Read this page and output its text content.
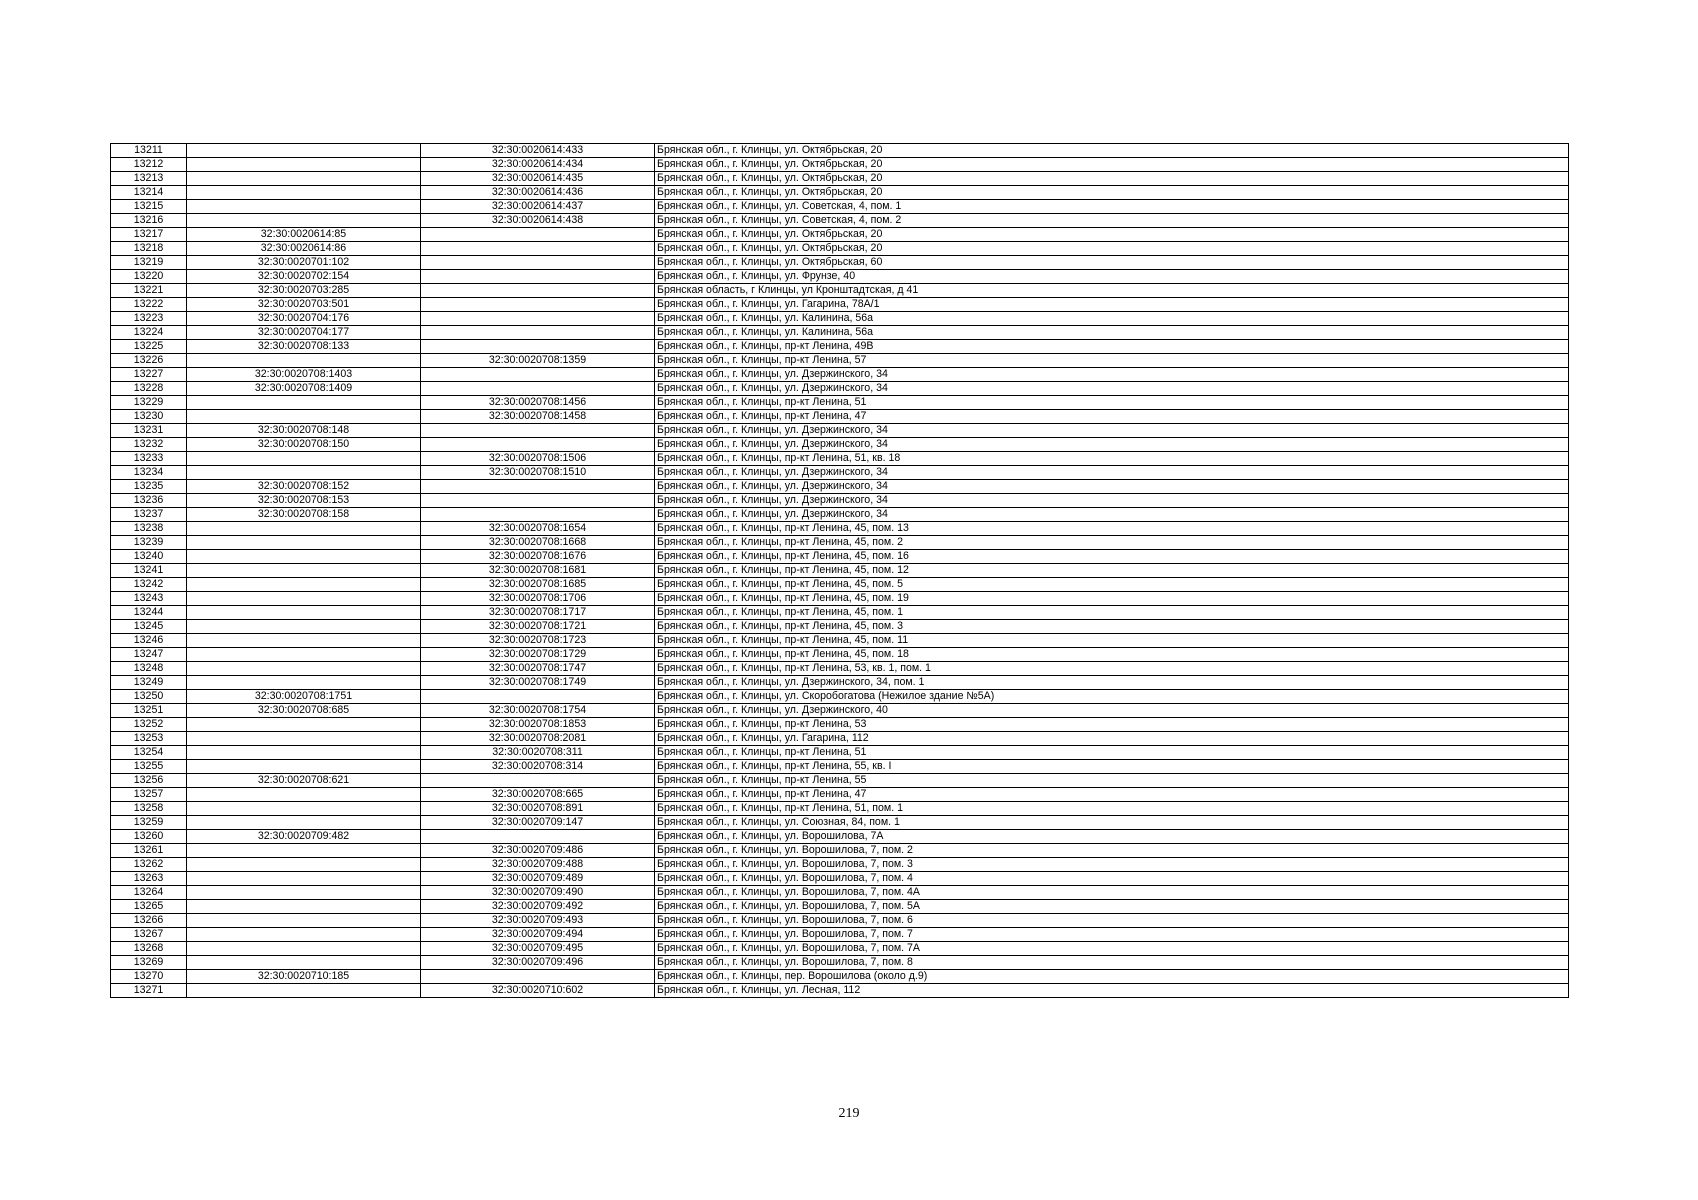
13211		32:30:0020614:433	Брянская обл., г. Клинцы, ул. Октябрьская, 20
13212		32:30:0020614:434	Брянская обл., г. Клинцы, ул. Октябрьская, 20
13213		32:30:0020614:435	Брянская обл., г. Клинцы, ул. Октябрьская, 20
13214		32:30:0020614:436	Брянская обл., г. Клинцы, ул. Октябрьская, 20
13215		32:30:0020614:437	Брянская обл., г. Клинцы, ул. Советская, 4, пом. 1
13216		32:30:0020614:438	Брянская обл., г. Клинцы, ул. Советская, 4, пом. 2
13217	32:30:0020614:85		Брянская обл., г. Клинцы, ул. Октябрьская, 20
13218	32:30:0020614:86		Брянская обл., г. Клинцы, ул. Октябрьская, 20
13219	32:30:0020701:102		Брянская обл., г. Клинцы, ул. Октябрьская, 60
13220	32:30:0020702:154		Брянская обл., г. Клинцы, ул. Фрунзе, 40
13221	32:30:0020703:285		Брянская область, г Клинцы, ул Кронштадтская, д 41
13222	32:30:0020703:501		Брянская обл., г. Клинцы, ул. Гагарина, 78А/1
13223	32:30:0020704:176		Брянская обл., г. Клинцы, ул. Калинина, 56а
13224	32:30:0020704:177		Брянская обл., г. Клинцы, ул. Калинина, 56а
13225	32:30:0020708:133		Брянская обл., г. Клинцы, пр-кт Ленина, 49В
13226		32:30:0020708:1359	Брянская обл., г. Клинцы, пр-кт Ленина, 57
13227	32:30:0020708:1403		Брянская обл., г. Клинцы, ул. Дзержинского, 34
13228	32:30:0020708:1409		Брянская обл., г. Клинцы, ул. Дзержинского, 34
13229		32:30:0020708:1456	Брянская обл., г. Клинцы, пр-кт Ленина, 51
13230		32:30:0020708:1458	Брянская обл., г. Клинцы, пр-кт Ленина, 47
13231	32:30:0020708:148		Брянская обл., г. Клинцы, ул. Дзержинского, 34
13232	32:30:0020708:150		Брянская обл., г. Клинцы, ул. Дзержинского, 34
13233		32:30:0020708:1506	Брянская обл., г. Клинцы, пр-кт Ленина, 51, кв. 18
13234		32:30:0020708:1510	Брянская обл., г. Клинцы, ул. Дзержинского, 34
13235	32:30:0020708:152		Брянская обл., г. Клинцы, ул. Дзержинского, 34
13236	32:30:0020708:153		Брянская обл., г. Клинцы, ул. Дзержинского, 34
13237	32:30:0020708:158		Брянская обл., г. Клинцы, ул. Дзержинского, 34
13238		32:30:0020708:1654	Брянская обл., г. Клинцы, пр-кт Ленина, 45, пом. 13
13239		32:30:0020708:1668	Брянская обл., г. Клинцы, пр-кт Ленина, 45, пом. 2
13240		32:30:0020708:1676	Брянская обл., г. Клинцы, пр-кт Ленина, 45, пом. 16
13241		32:30:0020708:1681	Брянская обл., г. Клинцы, пр-кт Ленина, 45, пом. 12
13242		32:30:0020708:1685	Брянская обл., г. Клинцы, пр-кт Ленина, 45, пом. 5
13243		32:30:0020708:1706	Брянская обл., г. Клинцы, пр-кт Ленина, 45, пом. 19
13244		32:30:0020708:1717	Брянская обл., г. Клинцы, пр-кт Ленина, 45, пом. 1
13245		32:30:0020708:1721	Брянская обл., г. Клинцы, пр-кт Ленина, 45, пом. 3
13246		32:30:0020708:1723	Брянская обл., г. Клинцы, пр-кт Ленина, 45, пом. 11
13247		32:30:0020708:1729	Брянская обл., г. Клинцы, пр-кт Ленина, 45, пом. 18
13248		32:30:0020708:1747	Брянская обл., г. Клинцы, пр-кт Ленина, 53, кв. 1, пом. 1
13249		32:30:0020708:1749	Брянская обл., г. Клинцы, ул. Дзержинского, 34, пом. 1
13250	32:30:0020708:1751		Брянская обл., г. Клинцы, ул. Скоробогатова (Нежилое здание №5А)
13251	32:30:0020708:685	32:30:0020708:1754	Брянская обл., г. Клинцы, ул. Дзержинского, 40
13252		32:30:0020708:1853	Брянская обл., г. Клинцы, пр-кт Ленина, 53
13253		32:30:0020708:2081	Брянская обл., г. Клинцы, ул. Гагарина, 112
13254		32:30:0020708:311	Брянская обл., г. Клинцы, пр-кт Ленина, 51
13255		32:30:0020708:314	Брянская обл., г. Клинцы, пр-кт Ленина, 55, кв. I
13256	32:30:0020708:621		Брянская обл., г. Клинцы, пр-кт Ленина, 55
13257		32:30:0020708:665	Брянская обл., г. Клинцы, пр-кт Ленина, 47
13258		32:30:0020708:891	Брянская обл., г. Клинцы, пр-кт Ленина, 51, пом. 1
13259		32:30:0020709:147	Брянская обл., г. Клинцы, ул. Союзная, 84, пом. 1
13260	32:30:0020709:482		Брянская обл., г. Клинцы, ул. Ворошилова, 7А
13261		32:30:0020709:486	Брянская обл., г. Клинцы, ул. Ворошилова, 7, пом. 2
13262		32:30:0020709:488	Брянская обл., г. Клинцы, ул. Ворошилова, 7, пом. 3
13263		32:30:0020709:489	Брянская обл., г. Клинцы, ул. Ворошилова, 7, пом. 4
13264		32:30:0020709:490	Брянская обл., г. Клинцы, ул. Ворошилова, 7, пом. 4А
13265		32:30:0020709:492	Брянская обл., г. Клинцы, ул. Ворошилова, 7, пом. 5А
13266		32:30:0020709:493	Брянская обл., г. Клинцы, ул. Ворошилова, 7, пом. 6
13267		32:30:0020709:494	Брянская обл., г. Клинцы, ул. Ворошилова, 7, пом. 7
13268		32:30:0020709:495	Брянская обл., г. Клинцы, ул. Ворошилова, 7, пом. 7А
13269		32:30:0020709:496	Брянская обл., г. Клинцы, ул. Ворошилова, 7, пом. 8
13270	32:30:0020710:185		Брянская обл., г. Клинцы, пер. Ворошилова (около д.9)
13271		32:30:0020710:602	Брянская обл., г. Клинцы, ул. Лесная, 112
219
